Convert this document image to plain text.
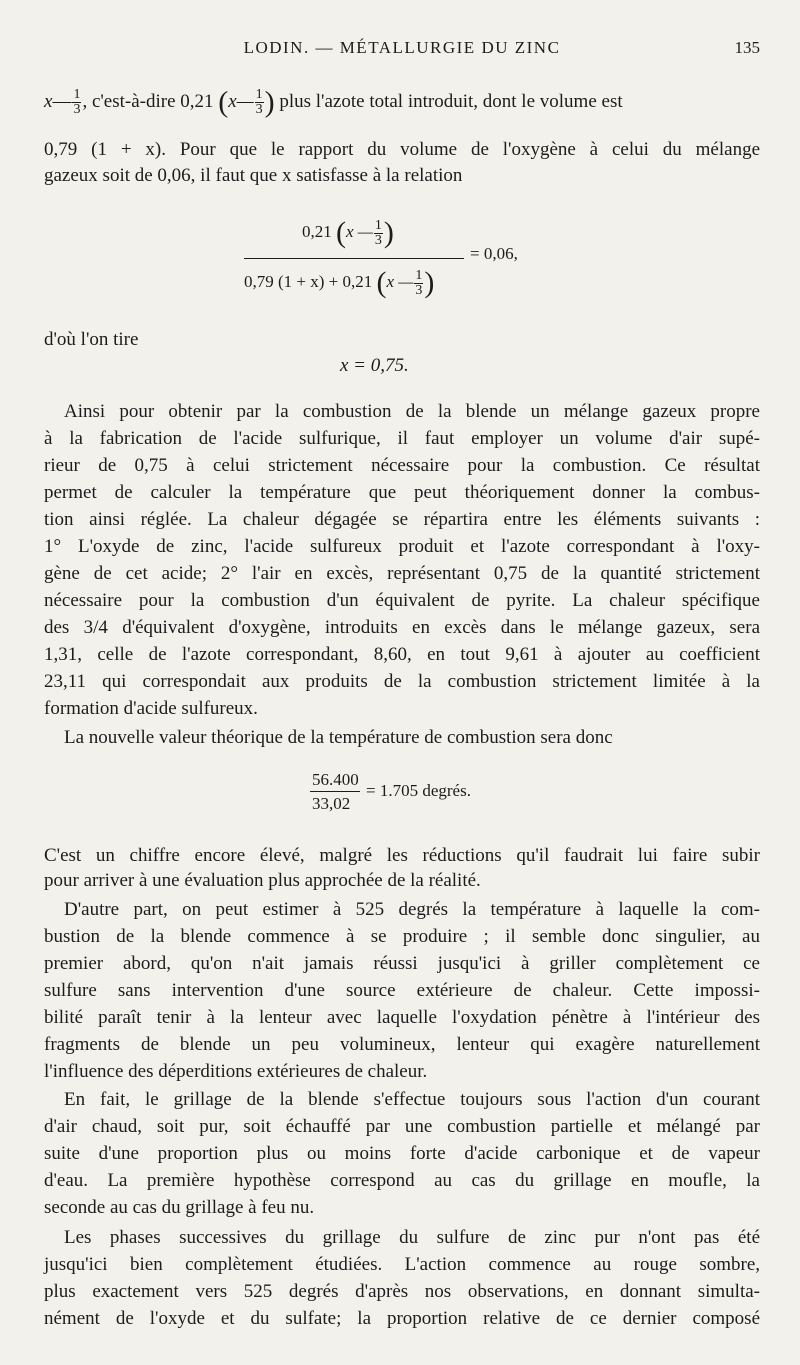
LODIN. — MÉTALLURGIE DU ZINC	135
x— $\frac{1}{3}$ , c'est-à-dire 0,21 (x— $\frac{1}{3}$ ) plus l'azote total introduit, dont le volume est
0,79 (1 + x). Pour que le rapport du volume de l'oxygène à celui du mélange
gazeux soit de 0,06, il faut que x satisfasse à la relation
0,21 (x — $\frac{1}{3}$ )
= 0,06,
0,79 (1 + x) + 0,21 (x — $\frac{1}{3}$ )
d'où l'on tire
x = 0,75.
Ainsi pour obtenir par la combustion de la blende un mélange gazeux propre
à la fabrication de l'acide sulfurique, il faut employer un volume d'air supé-
rieur de 0,75 à celui strictement nécessaire pour la combustion. Ce résultat
permet de calculer la température que peut théoriquement donner la combus-
tion ainsi réglée. La chaleur dégagée se répartira entre les éléments suivants :
1° L'oxyde de zinc, l'acide sulfureux produit et l'azote correspondant à l'oxy-
gène de cet acide; 2° l'air en excès, représentant 0,75 de la quantité strictement
nécessaire pour la combustion d'un équivalent de pyrite. La chaleur spécifique
des 3/4 d'équivalent d'oxygène, introduits en excès dans le mélange gazeux, sera
1,31, celle de l'azote correspondant, 8,60, en tout 9,61 à ajouter au coefficient
23,11 qui correspondait aux produits de la combustion strictement limitée à la
formation d'acide sulfureux.
La nouvelle valeur théorique de la température de combustion sera donc
56.400
33,02
= 1.705 degrés.
C'est un chiffre encore élevé, malgré les réductions qu'il faudrait lui faire subir
pour arriver à une évaluation plus approchée de la réalité.
D'autre part, on peut estimer à 525 degrés la température à laquelle la com-
bustion de la blende commence à se produire ; il semble donc singulier, au
premier abord, qu'on n'ait jamais réussi jusqu'ici à griller complètement ce
sulfure sans intervention d'une source extérieure de chaleur. Cette impossi-
bilité paraît tenir à la lenteur avec laquelle l'oxydation pénètre à l'intérieur des
fragments de blende un peu volumineux, lenteur qui exagère naturellement
l'influence des déperditions extérieures de chaleur.
En fait, le grillage de la blende s'effectue toujours sous l'action d'un courant
d'air chaud, soit pur, soit échauffé par une combustion partielle et mélangé par
suite d'une proportion plus ou moins forte d'acide carbonique et de vapeur
d'eau. La première hypothèse correspond au cas du grillage en moufle, la
seconde au cas du grillage à feu nu.
Les phases successives du grillage du sulfure de zinc pur n'ont pas été
jusqu'ici bien complètement étudiées. L'action commence au rouge sombre,
plus exactement vers 525 degrés d'après nos observations, en donnant simulta-
nément de l'oxyde et du sulfate; la proportion relative de ce dernier composé
